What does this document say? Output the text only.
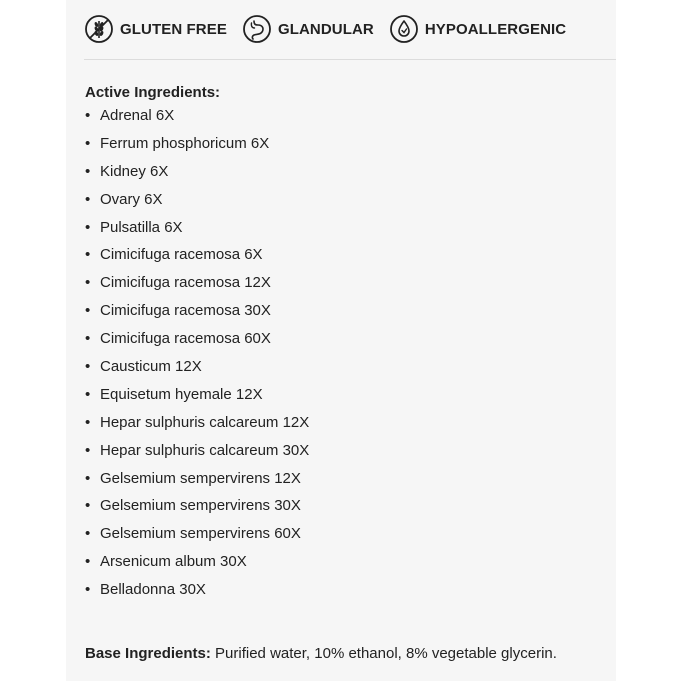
GLUTEN FREE	GLANDULAR	HYPOALLERGENIC
Active Ingredients:
• Adrenal 6X
• Ferrum phosphoricum 6X
• Kidney 6X
• Ovary 6X
• Pulsatilla 6X
• Cimicifuga racemosa 6X
• Cimicifuga racemosa 12X
• Cimicifuga racemosa 30X
• Cimicifuga racemosa 60X
• Causticum 12X
• Equisetum hyemale 12X
• Hepar sulphuris calcareum 12X
• Hepar sulphuris calcareum 30X
• Gelsemium sempervirens 12X
• Gelsemium sempervirens 30X
• Gelsemium sempervirens 60X
• Arsenicum album 30X
• Belladonna 30X
Base Ingredients: Purified water, 10% ethanol, 8% vegetable glycerin.
